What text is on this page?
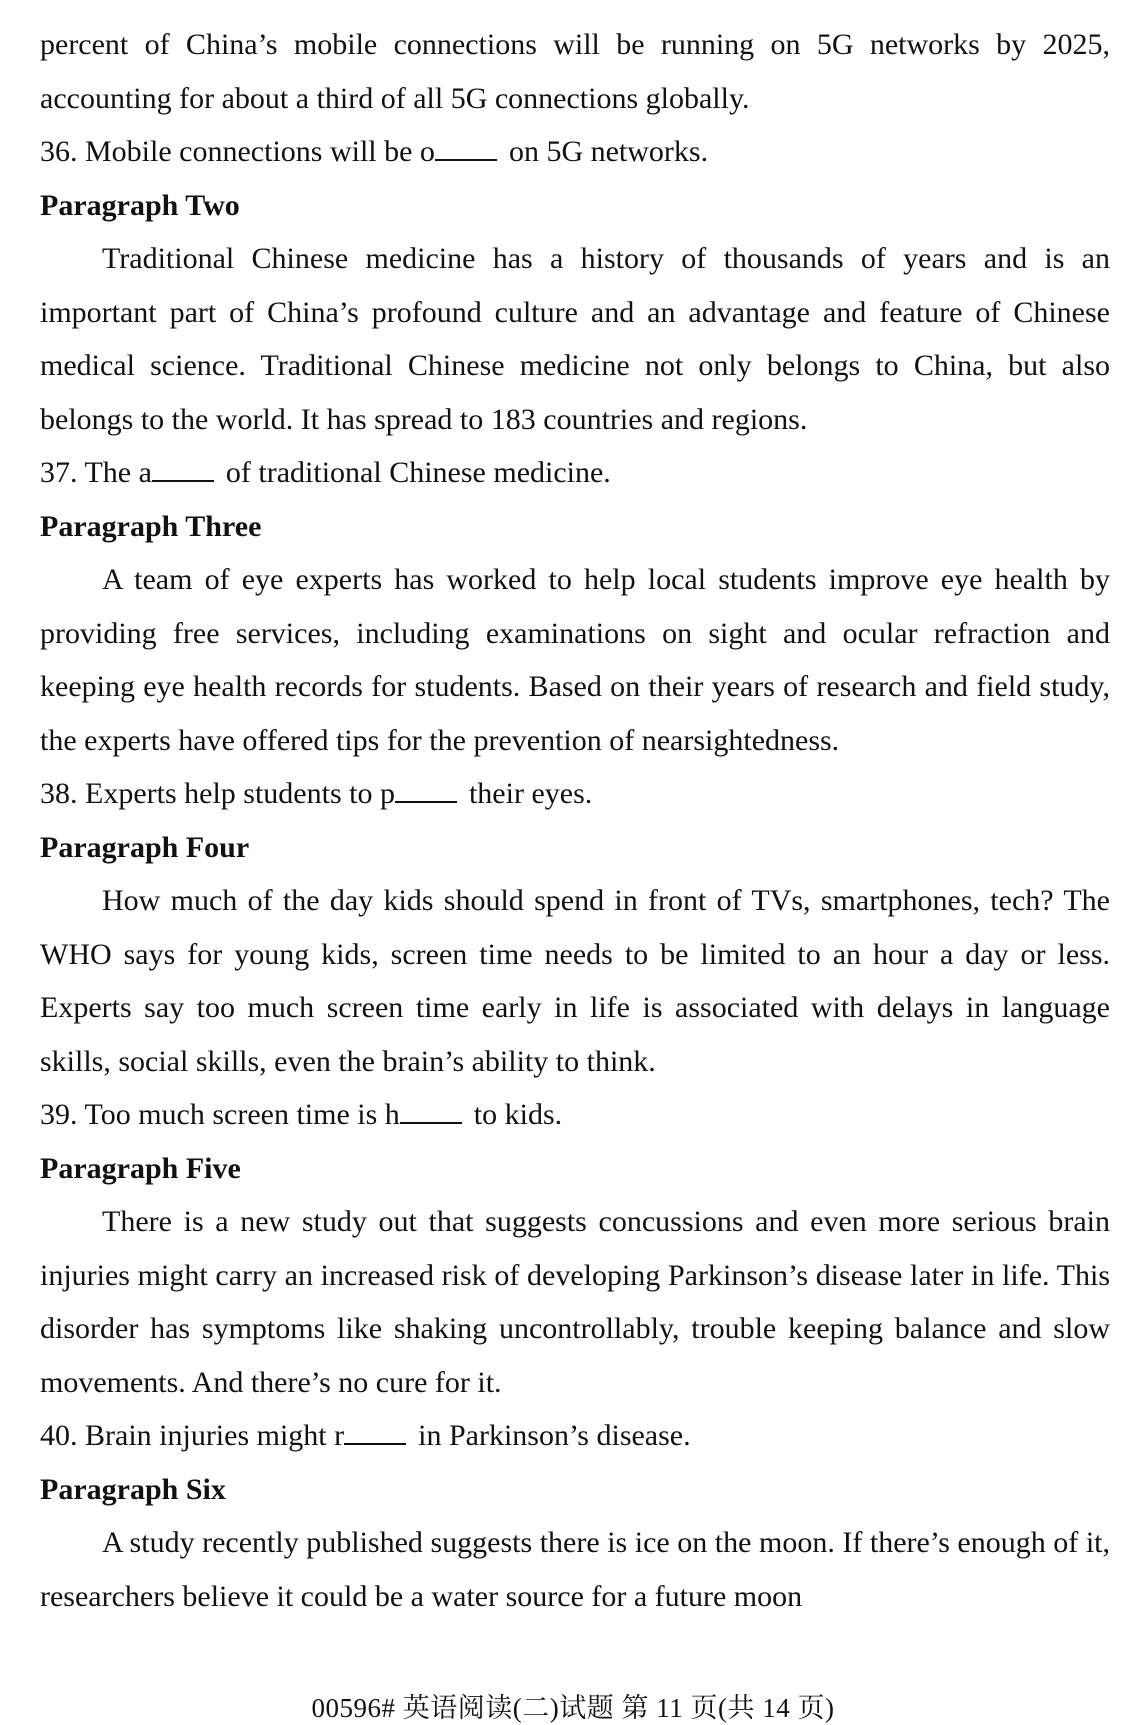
percent of China’s mobile connections will be running on 5G networks by 2025, accounting for about a third of all 5G connections globally.

36. Mobile connections will be o on 5G networks.

Paragraph Two

Traditional Chinese medicine has a history of thousands of years and is an important part of China’s profound culture and an advantage and feature of Chinese medical science. Traditional Chinese medicine not only belongs to China, but also belongs to the world. It has spread to 183 countries and regions.

37. The a of traditional Chinese medicine.

Paragraph Three

A team of eye experts has worked to help local students improve eye health by providing free services, including examinations on sight and ocular refraction and keeping eye health records for students. Based on their years of research and field study, the experts have offered tips for the prevention of nearsightedness.

38. Experts help students to p their eyes.

Paragraph Four

How much of the day kids should spend in front of TVs, smartphones, tech? The WHO says for young kids, screen time needs to be limited to an hour a day or less. Experts say too much screen time early in life is associated with delays in language skills, social skills, even the brain’s ability to think.

39. Too much screen time is h to kids.

Paragraph Five

There is a new study out that suggests concussions and even more serious brain injuries might carry an increased risk of developing Parkinson’s disease later in life. This disorder has symptoms like shaking uncontrollably, trouble keeping balance and slow movements. And there’s no cure for it.

40. Brain injuries might r in Parkinson’s disease.

Paragraph Six

A study recently published suggests there is ice on the moon. If there’s enough of it, researchers believe it could be a water source for a future moon

00596# 英语阅读(二)试题 第 11 页(共 14 页)
